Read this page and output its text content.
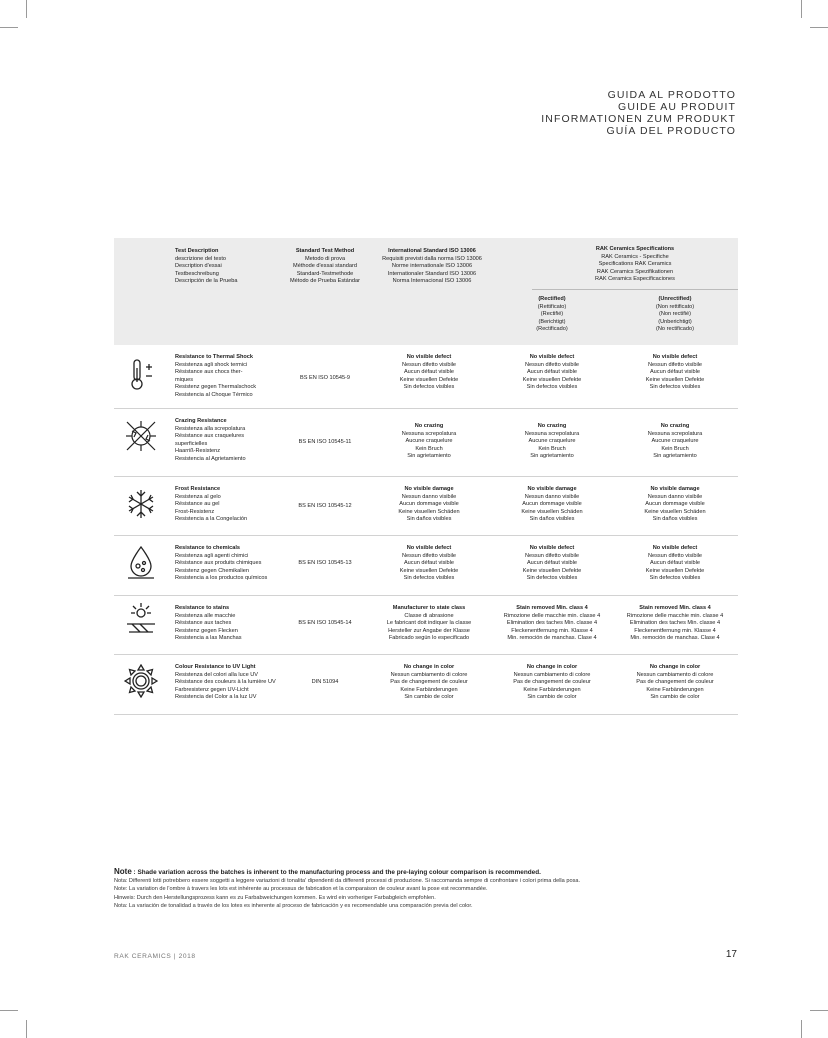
GUIDA AL PRODOTTO
GUIDE AU PRODUIT
INFORMATIONEN ZUM PRODUKT
GUÍA DEL PRODUCTO
Test Description
descrizione del testo
Description d'essai
Testbeschreibung
Descripción de la Prueba
Standard Test Method
Metodo di prova
Méthode d'essai standard
Standard-Testmethode
Método de Prueba Estándar
International Standard ISO 13006
Requisiti previsti dalla norma ISO 13006
Norme internationale ISO 13006
Internationaler Standard ISO 13006
Norma Internacional ISO 13006
RAK Ceramics Specifications
RAK Ceramics - Specifiche
Specifications RAK Ceramics
RAK Ceramics Spezifikationen
RAK Ceramics Especificaciones
(Rectified)
(Rettificato)
(Rectifié)
(Berichtigt)
(Rectificado)
(Unrectified)
(Non rettificato)
(Non rectifié)
(Unberichtigt)
(No rectificado)
Resistance to Thermal Shock
Resistenza agli shock termici
Résistance aux chocs ther-
miques
Resistenz gegen Thermalschock
Resistencia al Choque Térmico
BS EN ISO 10545-9
No visible defect
Nessun difetto visibile
Aucun défaut visible
Keine visuellen Defekte
Sin defectos visibles
No visible defect
Nessun difetto visibile
Aucun défaut visible
Keine visuellen Defekte
Sin defectos visibles
No visible defect
Nessun difetto visibile
Aucun défaut visible
Keine visuellen Defekte
Sin defectos visibles
Crazing Resistance
Resistenza alla screpolatura
Résistance aux craquelures
superficielles
Haarriß-Resistenz
Resistencia al Agrietamiento
BS EN ISO 10545-11
No crazing
Nessuna screpolatura
Aucune craquelure
Kein Bruch
Sin agrietamiento
No crazing
Nessuna screpolatura
Aucune craquelure
Kein Bruch
Sin agrietamiento
No crazing
Nessuna screpolatura
Aucune craquelure
Kein Bruch
Sin agrietamiento
Frost Resistance
Resistenza al gelo
Résistance au gel
Frost-Resistenz
Resistencia a la Congelación
BS EN ISO 10545-12
No visible damage
Nessun danno visibile
Aucun dommage visible
Keine visuellen Schäden
Sin daños visibles
No visible damage
Nessun danno visibile
Aucun dommage visible
Keine visuellen Schäden
Sin daños visibles
No visible damage
Nessun danno visibile
Aucun dommage visible
Keine visuellen Schäden
Sin daños visibles
Resistance to chemicals
Resistenza agli agenti chimici
Résistance aux produits chimiques
Resistenz gegen Chemikalien
Resistencia a los productos químicos
BS EN ISO 10545-13
No visible defect
Nessun difetto visibile
Aucun défaut visible
Keine visuellen Defekte
Sin defectos visibles
No visible defect
Nessun difetto visibile
Aucun défaut visible
Keine visuellen Defekte
Sin defectos visibles
No visible defect
Nessun difetto visibile
Aucun défaut visible
Keine visuellen Defekte
Sin defectos visibles
Resistance to stains
Resistenza alle macchie
Résistance aux taches
Resistenz gegen Flecken
Resistencia a las Manchas
BS EN ISO 10545-14
Manufacturer to state class
Classe di abrasione
Le fabricant doit indiquer la classe
Hersteller zur Angabe der Klasse
Fabricado según lo especificado
Stain removed Min. class 4
Rimozione delle macchie min. classe 4
Elimination des taches Min. classe 4
Fleckenentfernung min. Klasse 4
Min. remoción de manchas. Clase 4
Stain removed Min. class 4
Rimozione delle macchie min. classe 4
Elimination des taches Min. classe 4
Fleckenentfernung min. Klasse 4
Min. remoción de manchas. Clase 4
Colour Resistance to UV Light
Resistenza del colori alla luce UV
Résistance des couleurs à la lumière UV
Farbresistenz gegen UV-Licht
Resistencia del Color a la luz UV
DIN 51094
No change in color
Nessun cambiamento di colore
Pas de changement de couleur
Keine Farbänderungen
Sin cambio de color
No change in color
Nessun cambiamento di colore
Pas de changement de couleur
Keine Farbänderungen
Sin cambio de color
No change in color
Nessun cambiamento di colore
Pas de changement de couleur
Keine Farbänderungen
Sin cambio de color
Note : Shade variation across the batches is inherent to the manufacturing process and the pre-laying colour comparison is recommended.
Nota: Differenti lotti potrebbero essere soggetti a leggere variazioni di tonalita' dipendenti da differenti processi di produzione. Si raccomanda sempre di confrontare i colori prima della posa.
Note: La variation de l'ombre à travers les lots est inhérente au processus de fabrication et la comparaison de couleur avant la pose est recommandée.
Hinweis: Durch den Herstellungsprozess kann es zu Farbabweichungen kommen. Es wird ein vorheriger Farbabgleich empfohlen.
Nota: La variación de tonalidad a través de los lotes es inherente al proceso de fabricación y es recomendable una comparación previa del color.
RAK CERAMICS | 2018	17
